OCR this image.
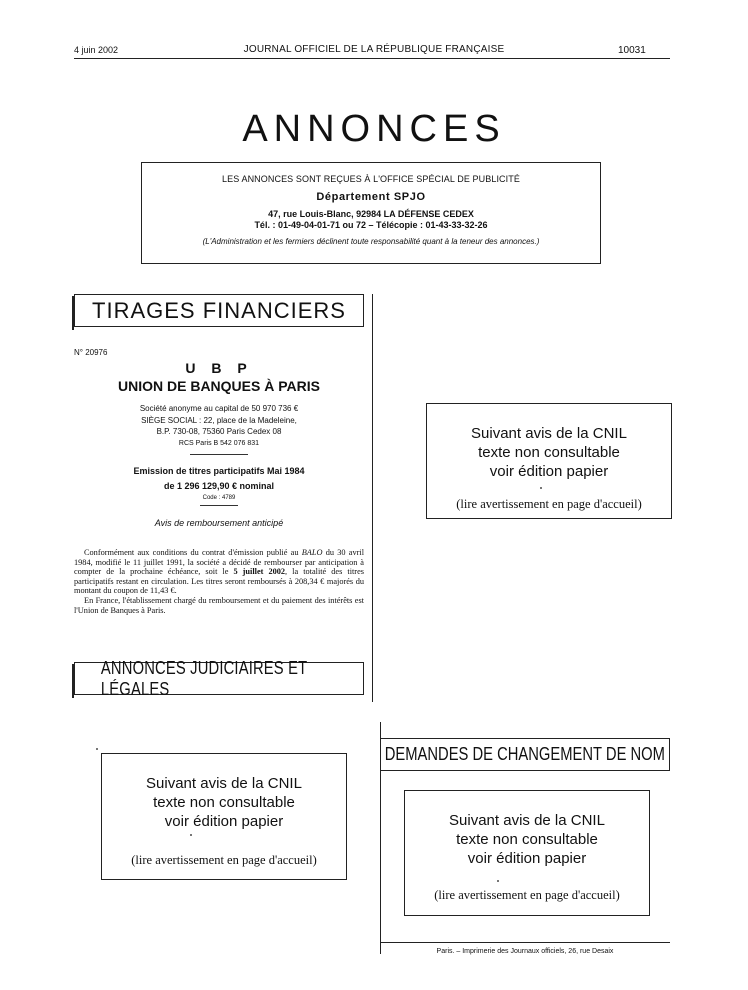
4 juin 2002	JOURNAL OFFICIEL DE LA RÉPUBLIQUE FRANÇAISE	10031
ANNONCES
LES ANNONCES SONT REÇUES À L'OFFICE SPÉCIAL DE PUBLICITÉ
Département SPJO
47, rue Louis-Blanc, 92984 LA DÉFENSE CEDEX
Tél. : 01-49-04-01-71 ou 72 – Télécopie : 01-43-33-32-26
(L'Administration et les fermiers déclinent toute responsabilité quant à la teneur des annonces.)
TIRAGES FINANCIERS
N° 20976
U B P
UNION DE BANQUES À PARIS
Société anonyme au capital de 50 970 736 €
SIÈGE SOCIAL : 22, place de la Madeleine,
B.P. 730-08, 75360 Paris Cedex 08
RCS Paris B 542 076 831
Emission de titres participatifs Mai 1984
de 1 296 129,90 € nominal
Code : 4789
Avis de remboursement anticipé

Conformément aux conditions du contrat d'émission publié au BALO du 30 avril 1984, modifié le 11 juillet 1991, la société a décidé de rembourser par anticipation à compter de la prochaine échéance, soit le 5 juillet 2002, la totalité des titres participatifs restant en circulation. Les titres seront remboursés à 208,34 € majorés du montant du coupon de 11,43 €.

En France, l'établissement chargé du remboursement et du paiement des intérêts est l'Union de Banques à Paris.

ANNONCES JUDICIAIRES ET LÉGALES
DEMANDES DE CHANGEMENT DE NOM
Suivant avis de la CNIL
texte non consultable
voir édition papier
(lire avertissement en page d'accueil)
Suivant avis de la CNIL
texte non consultable
voir édition papier
(lire avertissement en page d'accueil)
Suivant avis de la CNIL
texte non consultable
voir édition papier
(lire avertissement en page d'accueil)
Paris. – Imprimerie des Journaux officiels, 26, rue Desaix
